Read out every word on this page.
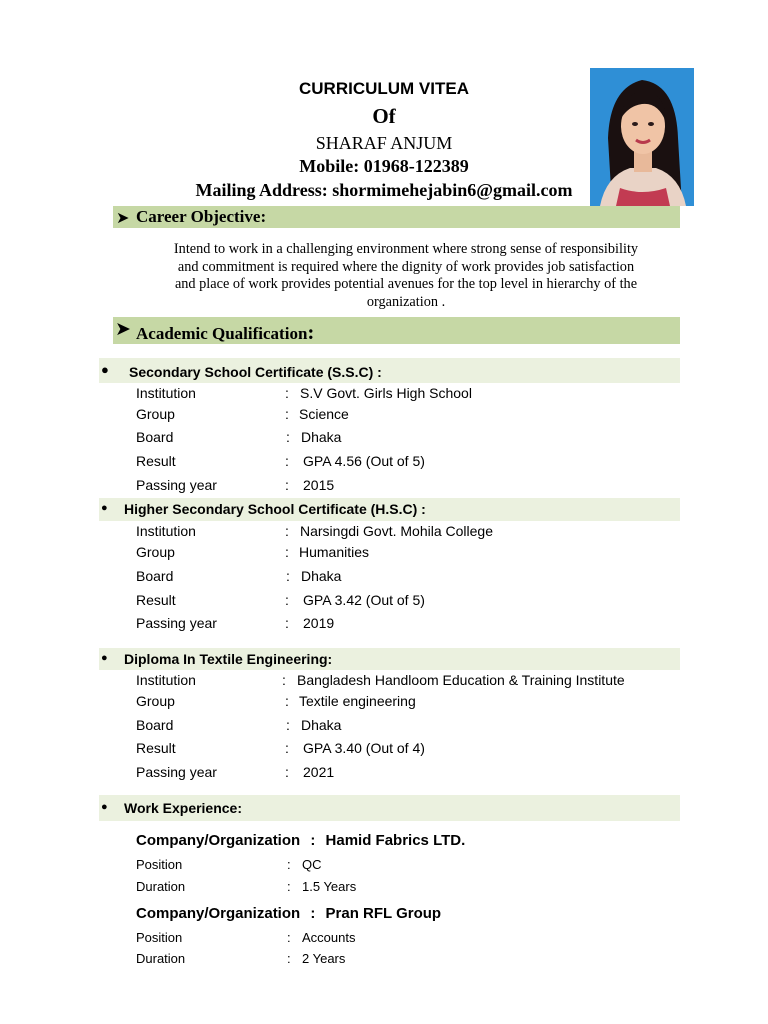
CURRICULUM VITEA
Of
SHARAF ANJUM
Mobile: 01968-122389
Mailing Address: shormimehejabin6@gmail.com
➤ Career Objective:
Intend to work in a challenging environment where strong sense of responsibility
and commitment is required where the dignity of work provides job satisfaction
and place of work provides potential avenues for the top level in hierarchy of the
organization .
➤ Academic Qualification:
● Secondary School Certificate (S.S.C) :
Institution	: S.V Govt. Girls High School
Group	: Science
Board	: Dhaka
Result	: GPA 4.56 (Out of 5)
Passing year	: 2015
● Higher Secondary School Certificate (H.S.C) :
Institution	: Narsingdi Govt. Mohila College
Group	: Humanities
Board	: Dhaka
Result	: GPA 3.42 (Out of 5)
Passing year	: 2019
● Diploma In Textile Engineering:
Institution	: Bangladesh Handloom Education & Training Institute
Group	: Textile engineering
Board	: Dhaka
Result	: GPA 3.40 (Out of 4)
Passing year	: 2021
● Work Experience:
Company/Organization : Hamid Fabrics LTD.
Position	: QC
Duration	: 1.5 Years
Company/Organization : Pran RFL Group
Position	: Accounts
Duration	: 2 Years
